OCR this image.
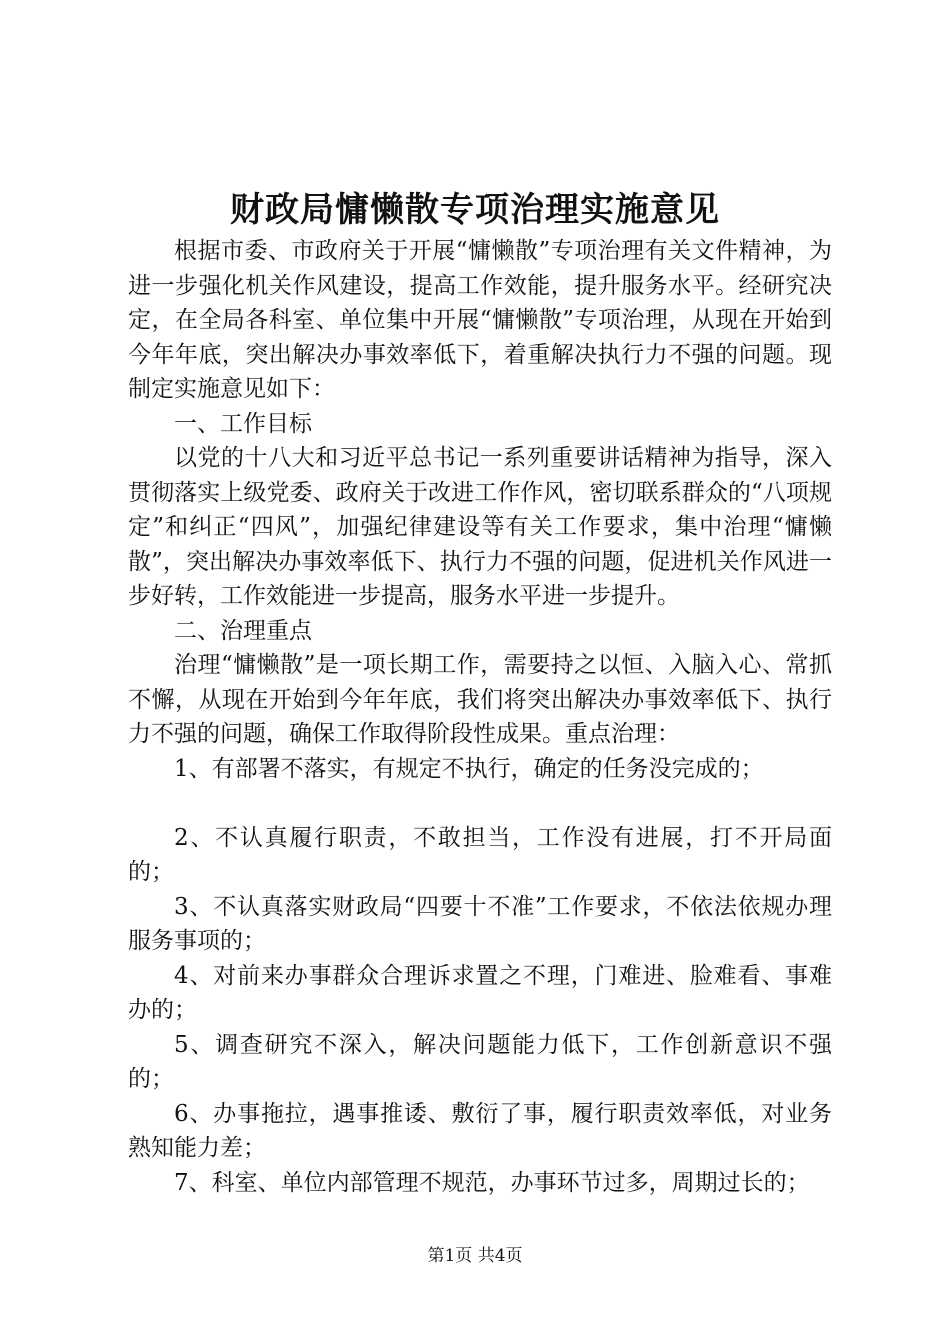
财政局慵懒散专项治理实施意见

根据市委、市政府关于开展“慵懒散”专项治理有关文件精神，为进一步强化机关作风建设，提高工作效能，提升服务水平。经研究决定，在全局各科室、单位集中开展“慵懒散”专项治理，从现在开始到今年年底，突出解决办事效率低下，着重解决执行力不强的问题。现制定实施意见如下：

一、工作目标

以党的十八大和习近平总书记一系列重要讲话精神为指导，深入贯彻落实上级党委、政府关于改进工作作风，密切联系群众的“八项规定”和纠正“四风”，加强纪律建设等有关工作要求，集中治理“慵懒散”，突出解决办事效率低下、执行力不强的问题，促进机关作风进一步好转，工作效能进一步提高，服务水平进一步提升。

二、治理重点

治理“慵懒散”是一项长期工作，需要持之以恒、入脑入心、常抓不懈，从现在开始到今年年底，我们将突出解决办事效率低下、执行力不强的问题，确保工作取得阶段性成果。重点治理：

1、有部署不落实，有规定不执行，确定的任务没完成的；

2、不认真履行职责，不敢担当，工作没有进展，打不开局面的；

3、不认真落实财政局“四要十不准”工作要求，不依法依规办理服务事项的；

4、对前来办事群众合理诉求置之不理，门难进、脸难看、事难办的；

5、调查研究不深入，解决问题能力低下，工作创新意识不强的；

6、办事拖拉，遇事推诿、敷衍了事，履行职责效率低，对业务熟知能力差；

7、科室、单位内部管理不规范，办事环节过多，周期过长的；

第1页 共4页
